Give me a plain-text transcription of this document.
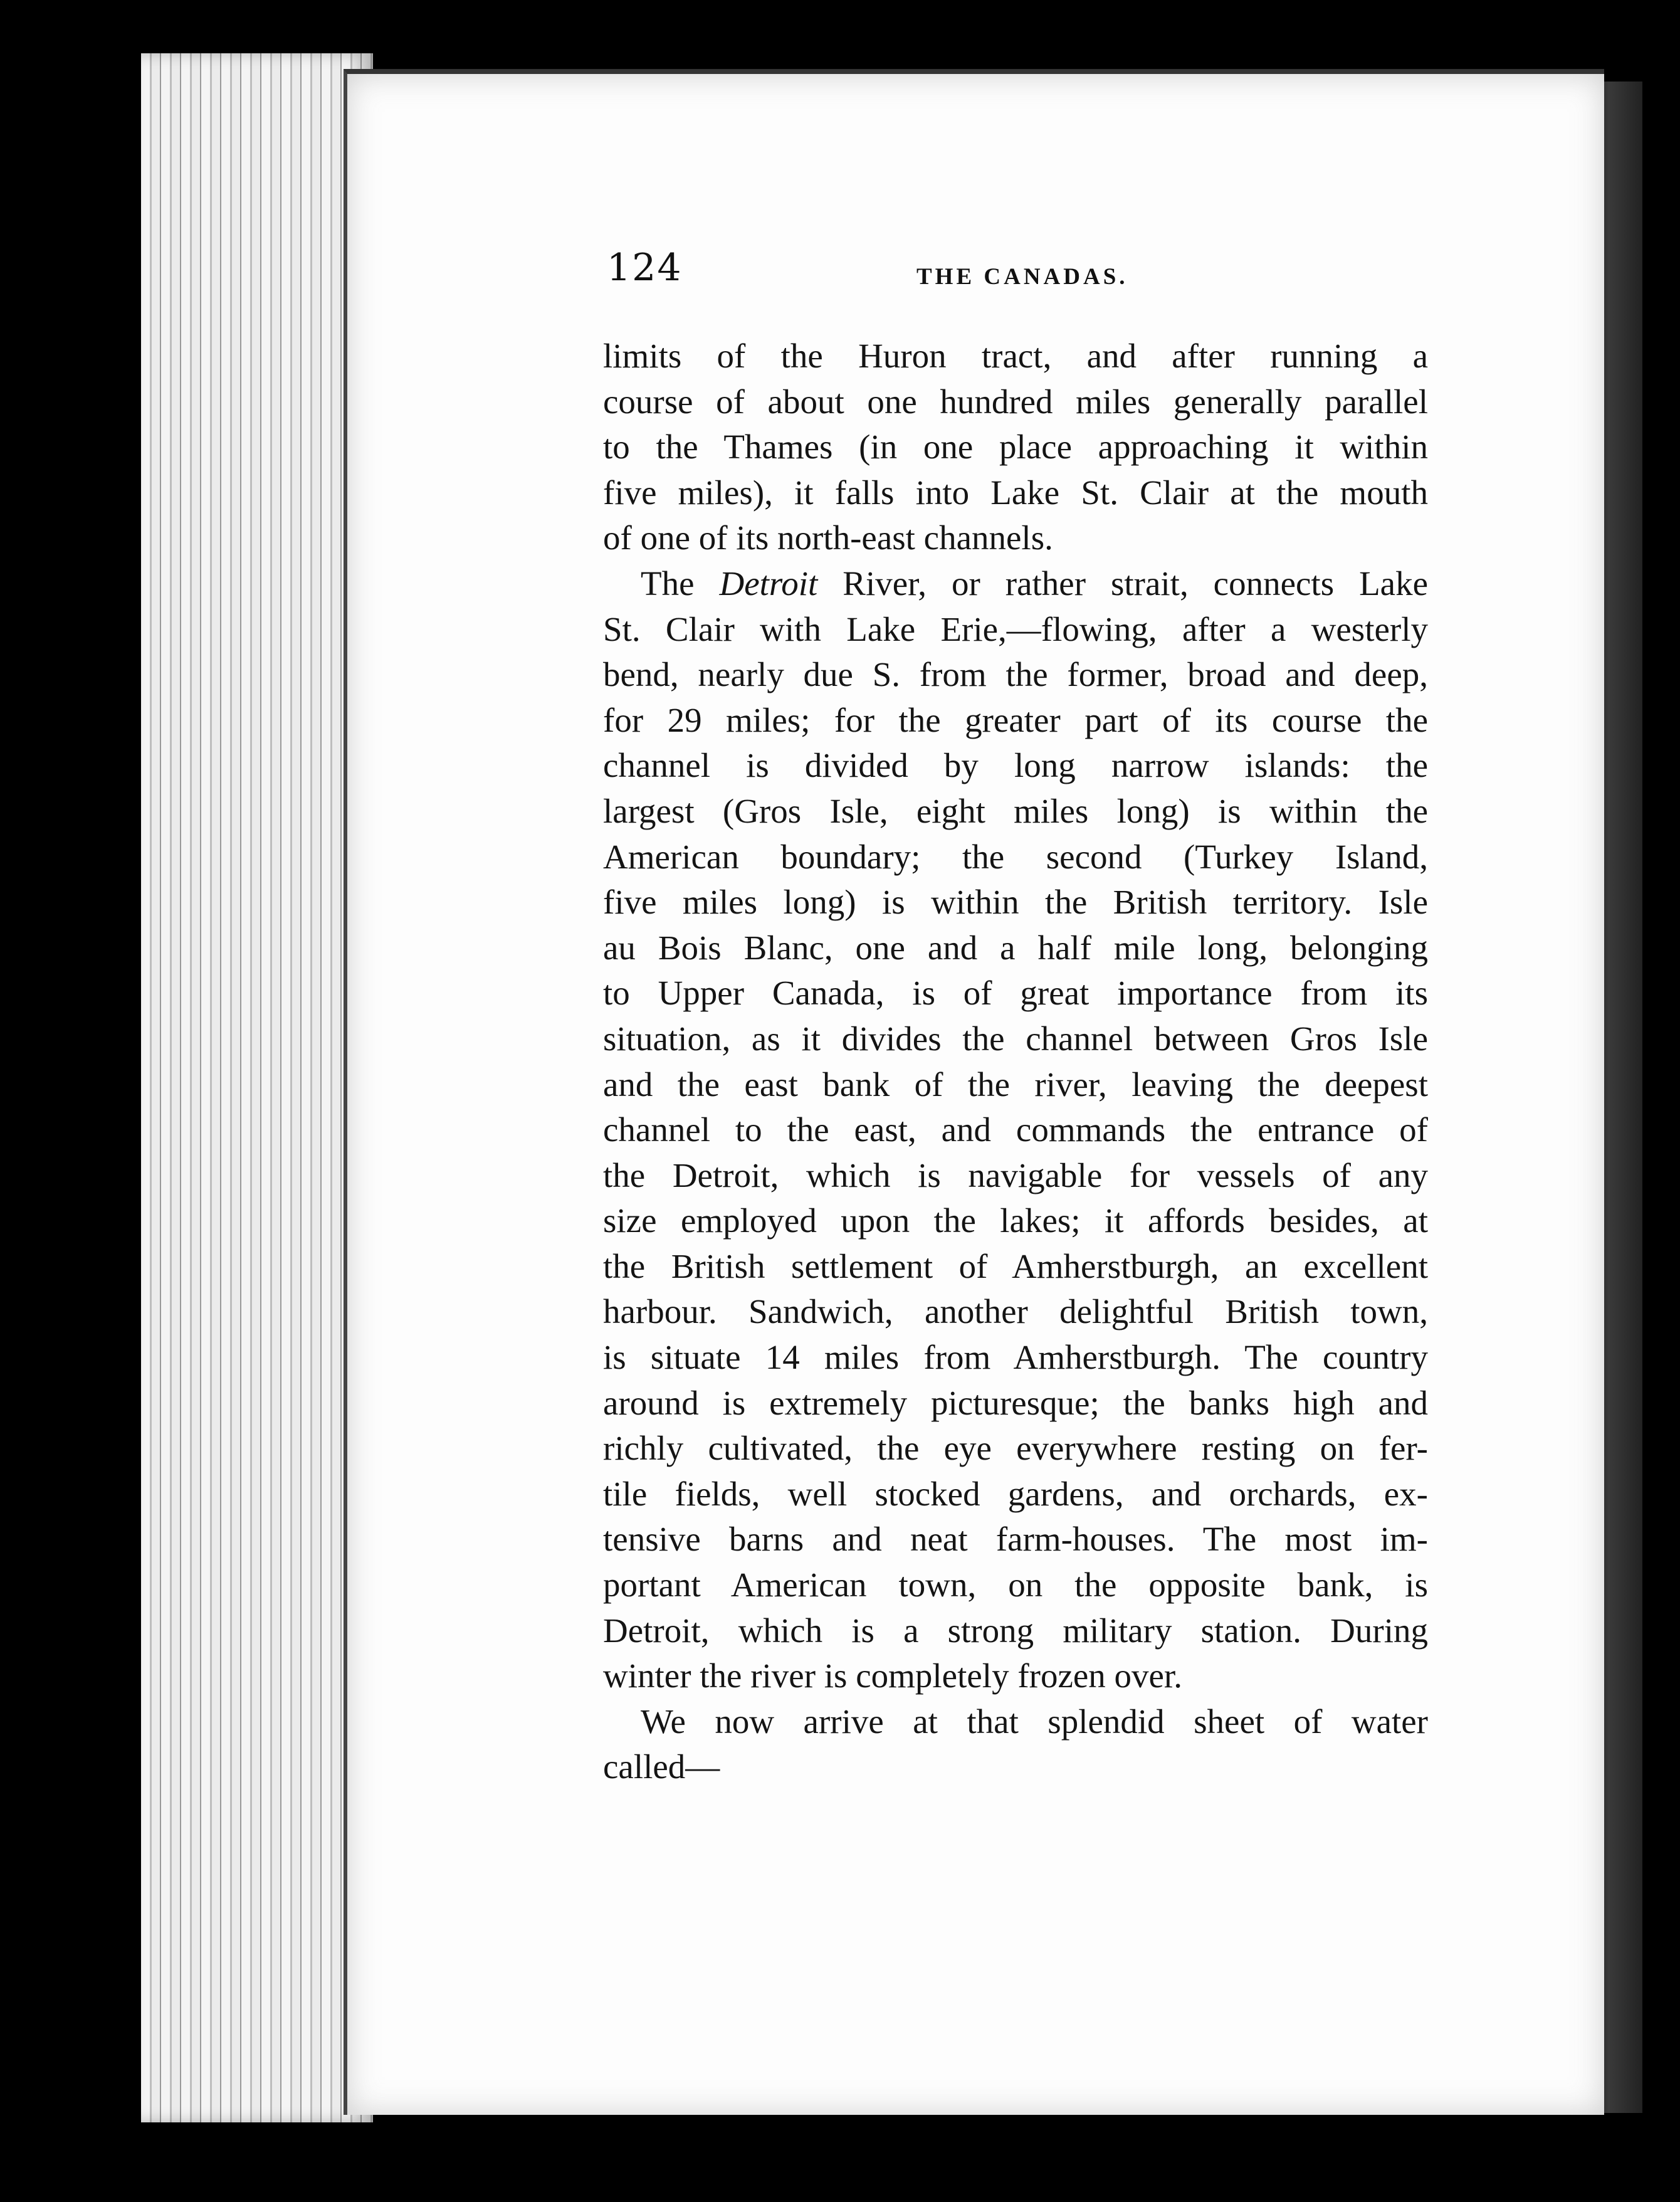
124	THE CANADAS.
limits of the Huron tract, and after running a
course of about one hundred miles generally parallel
to the Thames (in one place approaching it within
five miles), it falls into Lake St. Clair at the mouth
of one of its north-east channels.
The Detroit River, or rather strait, connects Lake
St. Clair with Lake Erie,—flowing, after a westerly
bend, nearly due S. from the former, broad and deep,
for 29 miles; for the greater part of its course the
channel is divided by long narrow islands: the
largest (Gros Isle, eight miles long) is within the
American boundary; the second (Turkey Island,
five miles long) is within the British territory. Isle
au Bois Blanc, one and a half mile long, belonging
to Upper Canada, is of great importance from its
situation, as it divides the channel between Gros Isle
and the east bank of the river, leaving the deepest
channel to the east, and commands the entrance of
the Detroit, which is navigable for vessels of any
size employed upon the lakes; it affords besides, at
the British settlement of Amherstburgh, an excellent
harbour. Sandwich, another delightful British town,
is situate 14 miles from Amherstburgh. The country
around is extremely picturesque; the banks high and
richly cultivated, the eye everywhere resting on fer-
tile fields, well stocked gardens, and orchards, ex-
tensive barns and neat farm-houses. The most im-
portant American town, on the opposite bank, is
Detroit, which is a strong military station. During
winter the river is completely frozen over.
We now arrive at that splendid sheet of water
called—
